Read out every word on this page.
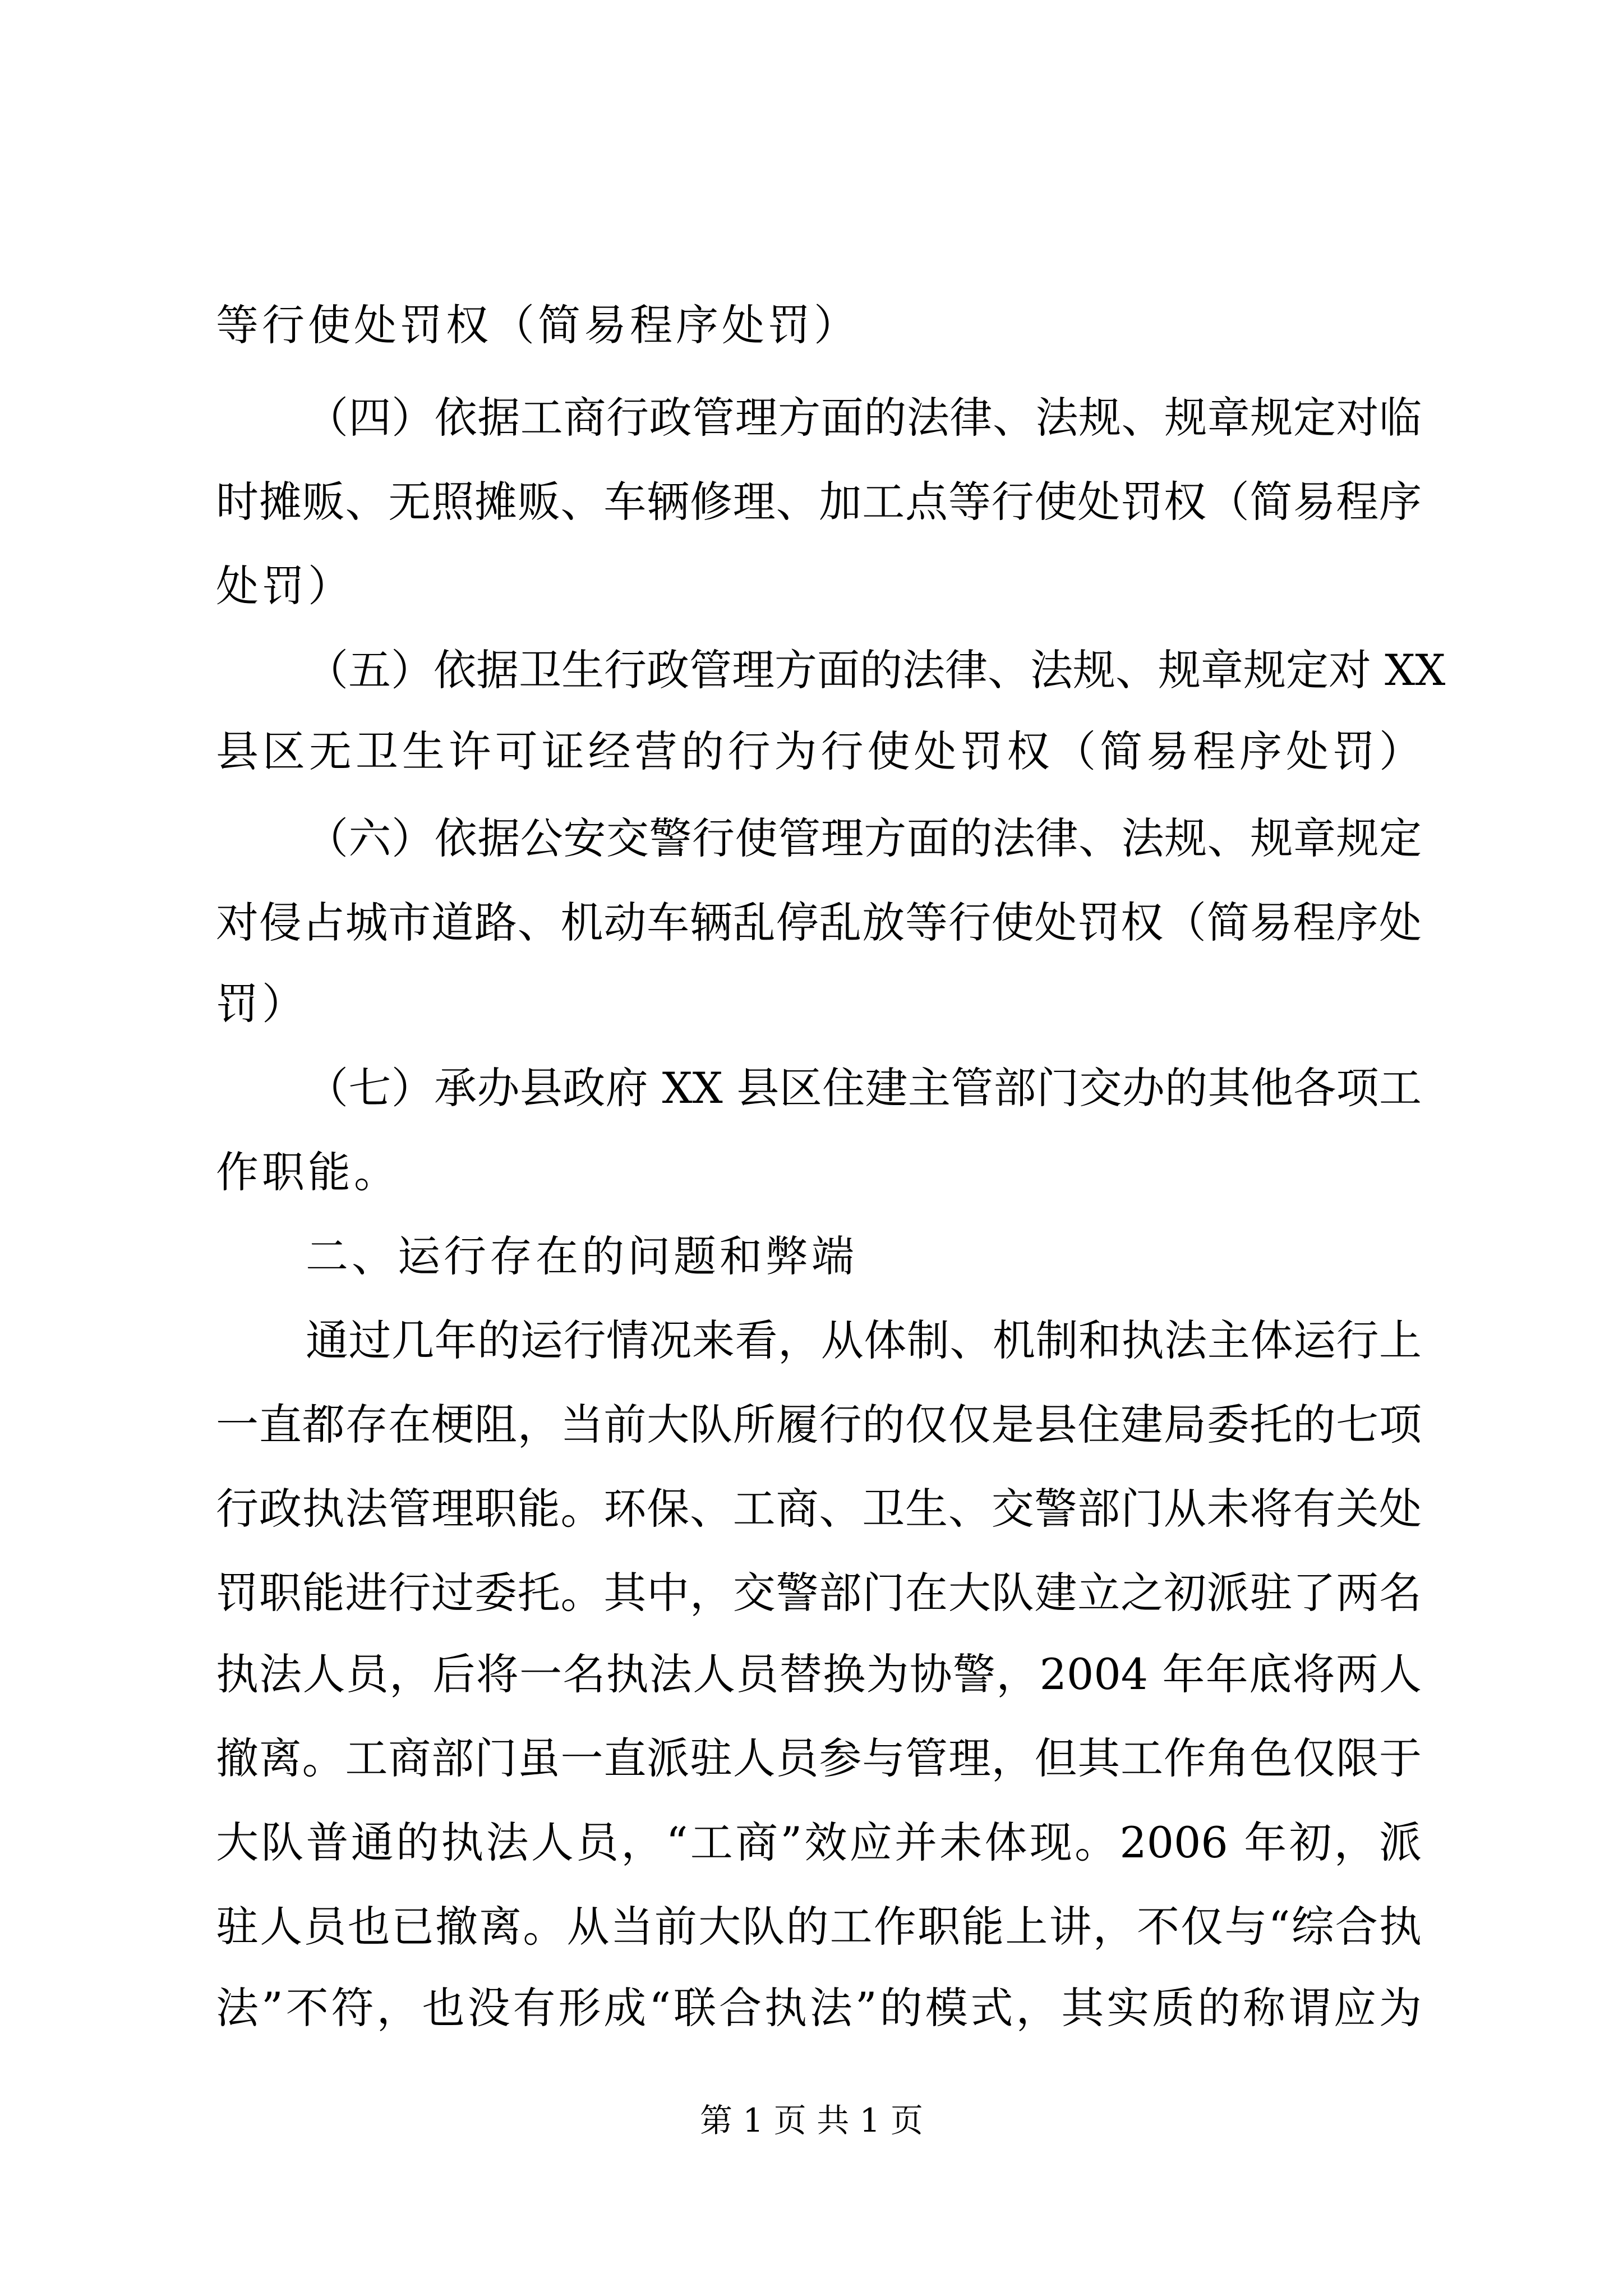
等行使处罚权（简易程序处罚）
（四）依据工商行政管理方面的法律、法规、规章规定对临
时摊贩、无照摊贩、车辆修理、加工点等行使处罚权（简易程序
处罚）
（五）依据卫生行政管理方面的法律、法规、规章规定对 XX
县区无卫生许可证经营的行为行使处罚权（简易程序处罚）
（六）依据公安交警行使管理方面的法律、法规、规章规定
对侵占城市道路、机动车辆乱停乱放等行使处罚权（简易程序处
罚）
（七）承办县政府 XX 县区住建主管部门交办的其他各项工
作职能。
二、运行存在的问题和弊端
通过几年的运行情况来看，从体制、机制和执法主体运行上
一直都存在梗阻，当前大队所履行的仅仅是县住建局委托的七项
行政执法管理职能。环保、工商、卫生、交警部门从未将有关处
罚职能进行过委托。其中，交警部门在大队建立之初派驻了两名
执法人员，后将一名执法人员替换为协警，2004 年年底将两人
撤离。工商部门虽一直派驻人员参与管理，但其工作角色仅限于
大队普通的执法人员，“工商”效应并未体现。2006 年初，派
驻人员也已撤离。从当前大队的工作职能上讲，不仅与“综合执
法”不符，也没有形成“联合执法”的模式，其实质的称谓应为
第 1 页 共 1 页
